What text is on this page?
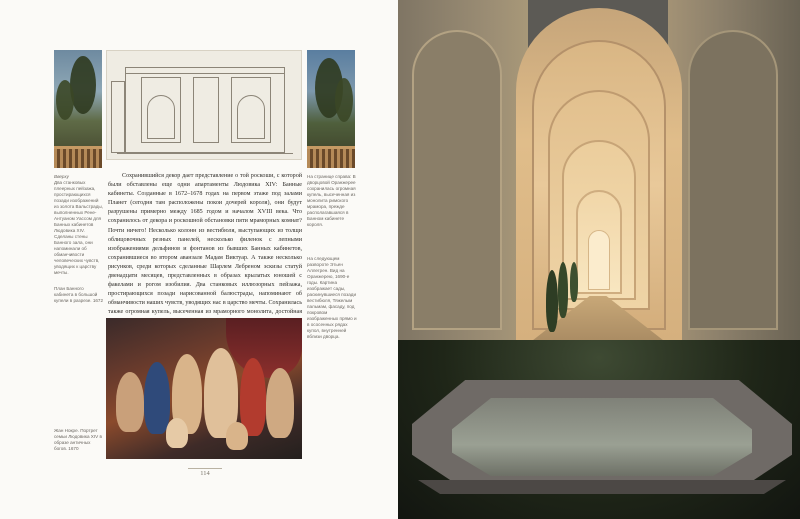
Вверху
Два станковых плеерных пейзажа, простирающихся позади изображений из золота Вальстрады, выполненных Рене-Антуаном Уассом для Банных кабинетов Людовика XIV. Сделаны стены Банного зала, они напоминали об обманчивости человеческих чувств, уводящих к царству мечты.
План Банного кабинета в большой купели в разрезе. 1672

Сохранившийся декор дает представление о той роскоши, с которой были обставлены еще одни апартаменты Людовика XIV: Банные кабинеты. Созданные в 1672–1678 годах на первом этаже под залами Планет (сегодня там расположены покои дочерей короля), они будут разрушены примерно между 1685 годом и началом XVIII века. Что сохранилось от декора и роскошной обстановки пяти мраморных комнат? Почти ничего! Несколько колонн из вестибюля, выступающих из толщи облицовочных резных панелей, несколько филенок с лепными изображениями дельфинов и фонтанов из бывших Банных кабинетов, сохранившиеся во втором аванзале Мадам Виктуар. А также несколько рисунков, среди которых сделанные Шарлем Лебреном эскизы статуй двенадцати месяцев, представленных в образах крылатых юношей с факелами и рогом изобилия. Два станковых иллюзорных пейзажа, простирающихся позади нарисованной балюстрады, напоминают об обманчивости наших чувств, уводящих нас в царство мечты. Сохранилась также огромная купель, высеченная из мраморного монолита, достойная

На странице справа: В дворцовой Оранжерее сохранилась огромная купель, высеченная из монолита римского мрамора, прежде располагавшаяся в Банном кабинете короля.
На следующем развороте Этьен Аллегрен. Вид на Оранжерею, 1690-е годы. Картина изображает сады, раскинувшиеся позади вестибюля, Тяжелым пальмам, фасаду, под покровом изображенных прямо и в ососенных рядах купол, внутренней вблизи дворца.
Жан Нокре. Портрет семьи Людовика XIV в образе античных богов. 1670
114
